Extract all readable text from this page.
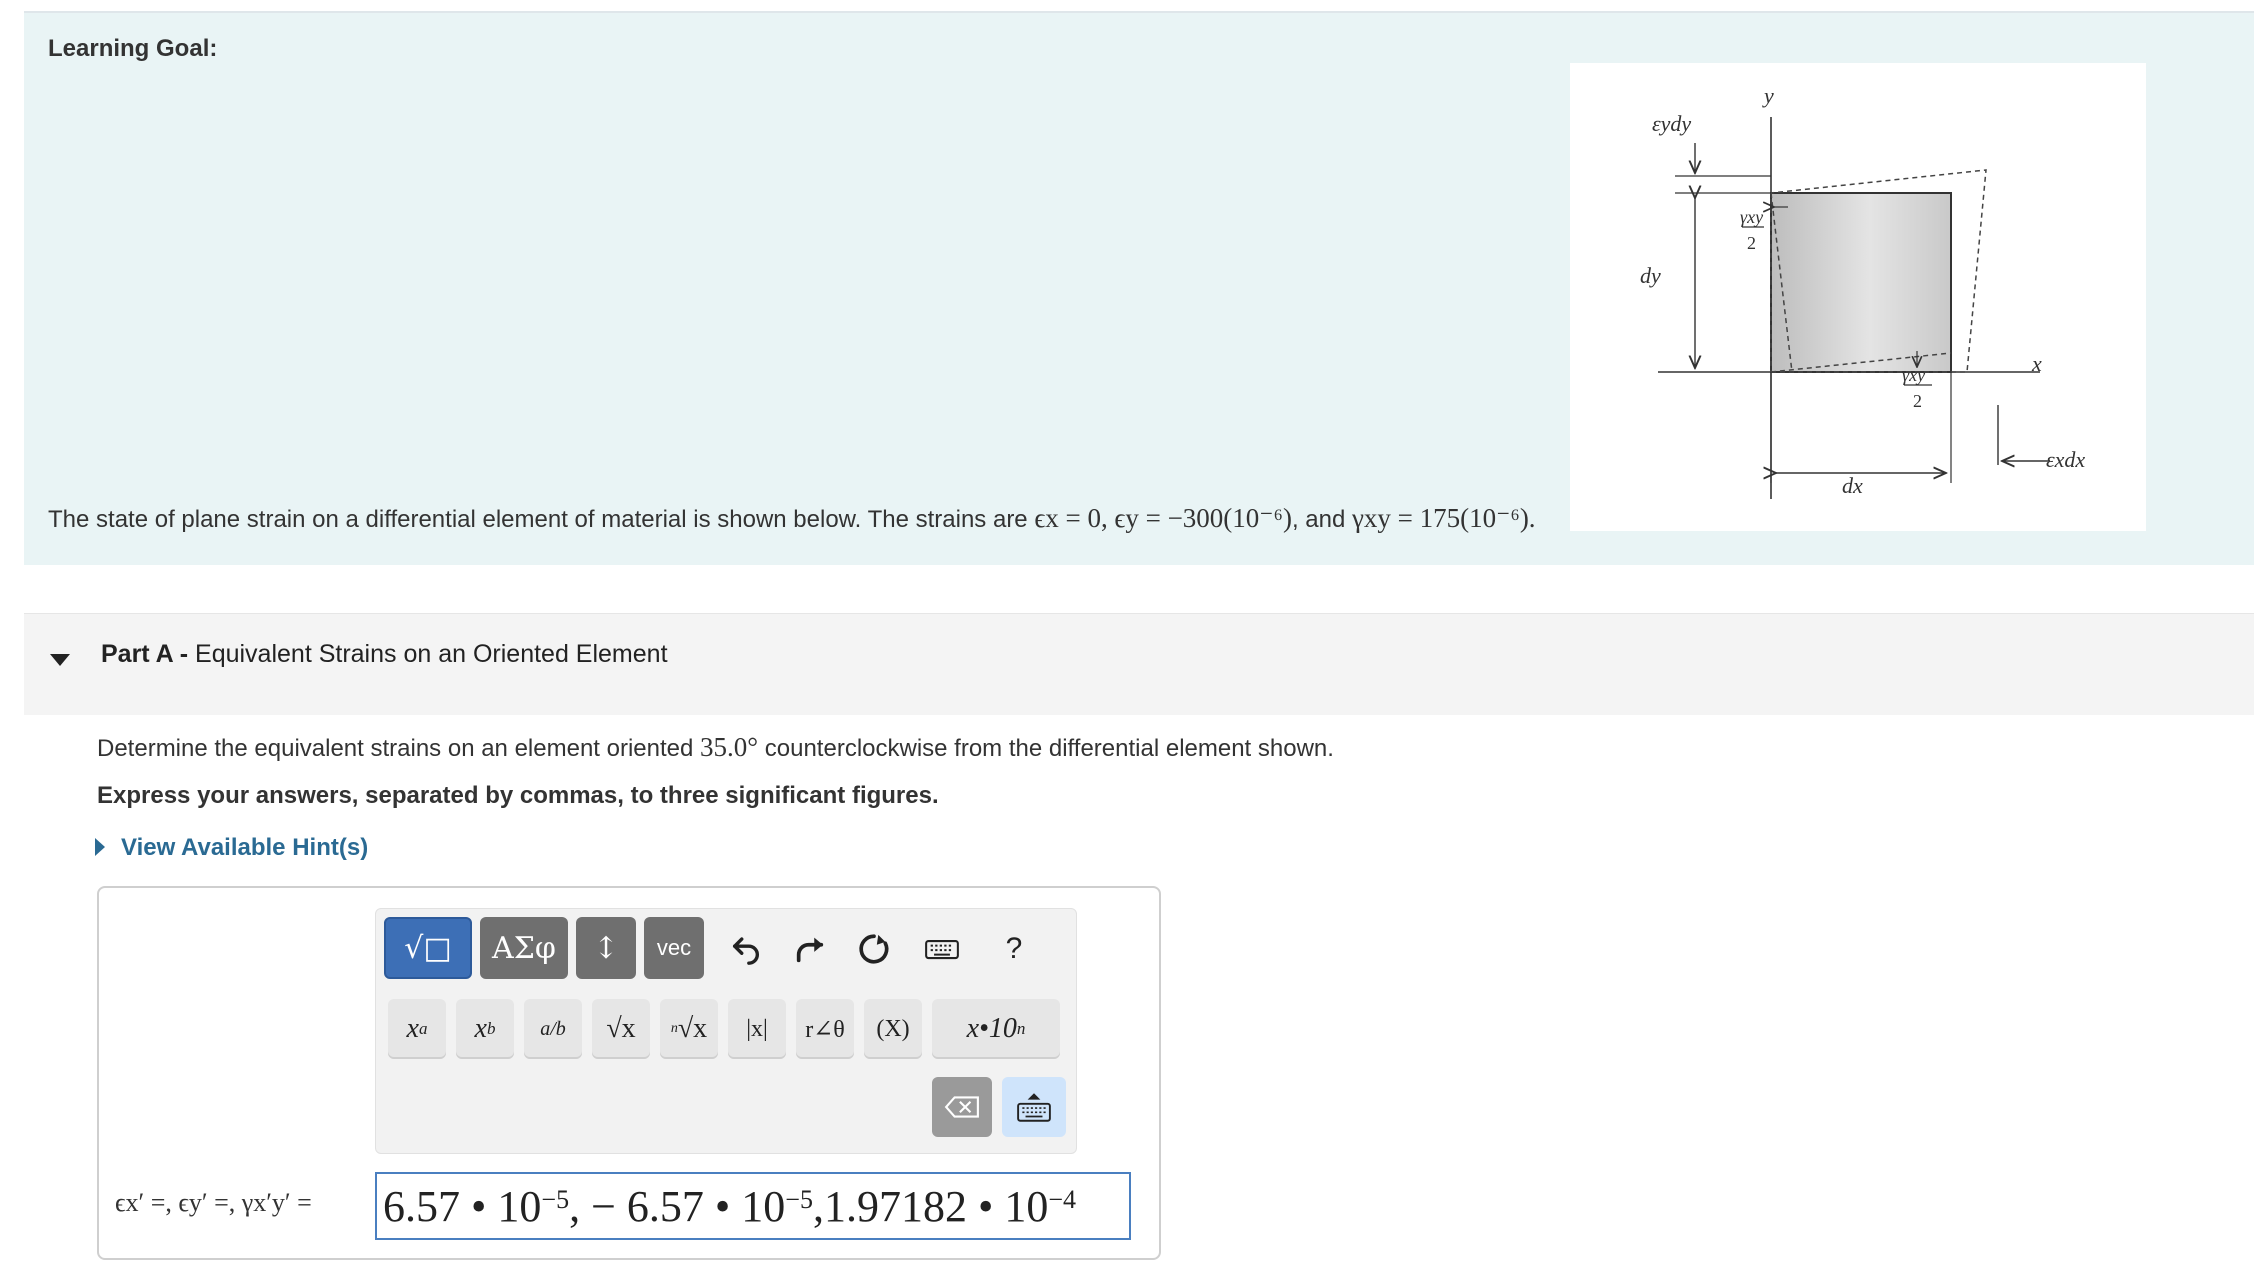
Learning Goal:
y
x
εydy
dy
dx
εxdx
γxy
2
γxy
2
The state of plane strain on a differential element of material is shown below. The strains are ϵx = 0, ϵy = −300(10⁻⁶), and γxy = 175(10⁻⁶).
Part A - Equivalent Strains on an Oriented Element
Determine the equivalent strains on an element oriented 35.0° counterclockwise from the differential element shown.
Express your answers, separated by commas, to three significant figures.
View Available Hint(s)
√□ AΣφ ↕ vec	?
x a x b a/b √x	n √x |x| r∠θ (X) x•10 n
ϵx′ =, ϵy′ =, γx′y′ = 6.57 • $10^{-5}$ , − 6.57 • $10^{-5}$ ,1.97182 • $10^{-4}$
